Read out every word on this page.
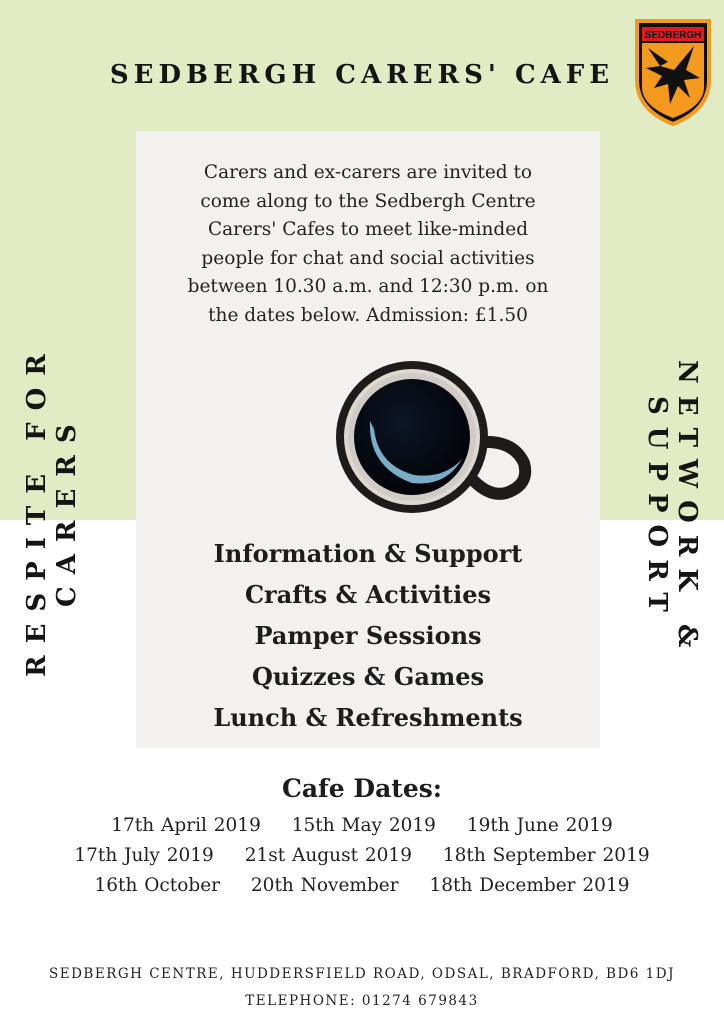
SEDBERGH CARERS' CAFE
SEDBERGH
RESPITE FOR CARERS	NETWORK & SUPPORT
Carers and ex-carers are invited to
come along to the Sedbergh Centre
Carers' Cafes to meet like-minded
people for chat and social activities
between 10.30 a.m. and 12:30 p.m. on
the dates below. Admission: £1.50
Information & Support
Crafts & Activities
Pamper Sessions
Quizzes & Games
Lunch & Refreshments
Cafe Dates:
17th April 2019 15th May 2019 19th June 2019
17th July 2019 21st August 2019 18th September 2019
16th October 20th November 18th December 2019
SEDBERGH CENTRE, HUDDERSFIELD ROAD, ODSAL, BRADFORD, BD6 1DJ
TELEPHONE: 01274 679843
